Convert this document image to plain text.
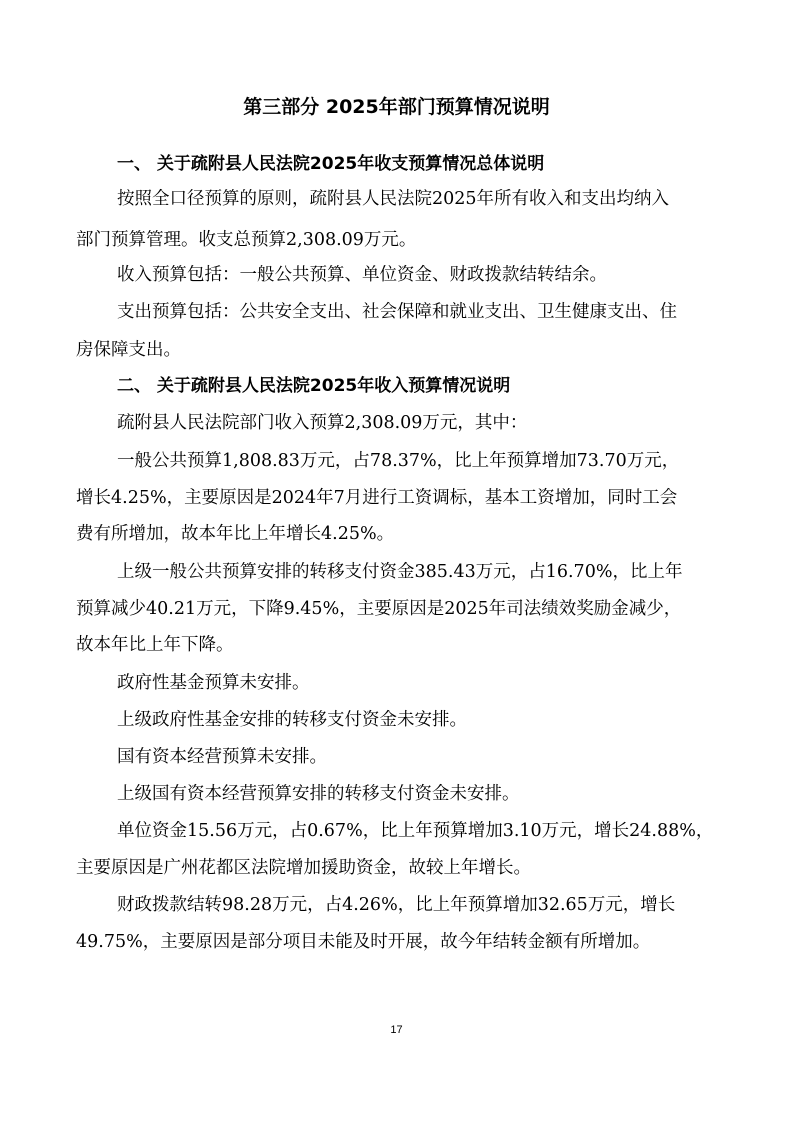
第三部分 2025年部门预算情况说明
一、 关于疏附县人民法院2025年收支预算情况总体说明
按照全口径预算的原则，疏附县人民法院2025年所有收入和支出均纳入
部门预算管理。收支总预算2,308.09万元。
收入预算包括：一般公共预算、单位资金、财政拨款结转结余。
支出预算包括：公共安全支出、社会保障和就业支出、卫生健康支出、住
房保障支出。
二、 关于疏附县人民法院2025年收入预算情况说明
疏附县人民法院部门收入预算2,308.09万元，其中：
一般公共预算1,808.83万元，占78.37%，比上年预算增加73.70万元，
增长4.25%，主要原因是2024年7月进行工资调标，基本工资增加，同时工会
费有所增加，故本年比上年增长4.25%。
上级一般公共预算安排的转移支付资金385.43万元，占16.70%，比上年
预算减少40.21万元，下降9.45%，主要原因是2025年司法绩效奖励金减少，
故本年比上年下降。
政府性基金预算未安排。
上级政府性基金安排的转移支付资金未安排。
国有资本经营预算未安排。
上级国有资本经营预算安排的转移支付资金未安排。
单位资金15.56万元，占0.67%，比上年预算增加3.10万元，增长24.88%，
主要原因是广州花都区法院增加援助资金，故较上年增长。
财政拨款结转98.28万元，占4.26%，比上年预算增加32.65万元，增长
49.75%，主要原因是部分项目未能及时开展，故今年结转金额有所增加。
17
